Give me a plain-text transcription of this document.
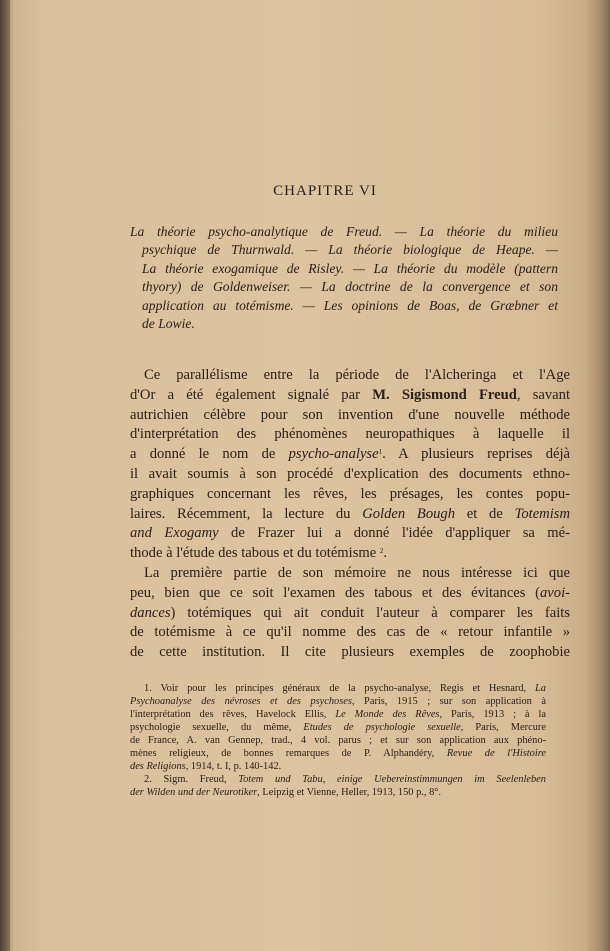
CHAPITRE VI
La théorie psycho-analytique de Freud. — La théorie du milieu
psychique de Thurnwald. — La théorie biologique de Heape. —
La théorie exogamique de Risley. — La théorie du modèle (pattern
thyory) de Goldenweiser. — La doctrine de la convergence et son
application au totémisme. — Les opinions de Boas, de Græbner et
de Lowie.
Ce parallélisme entre la période de l'Alcheringa et l'Age
d'Or a été également signalé par M. Sigismond Freud, savant
autrichien célèbre pour son invention d'une nouvelle méthode
d'interprétation des phénomènes neuropathiques à laquelle il
a donné le nom de psycho-analyse$^1$. A plusieurs reprises déjà
il avait soumis à son procédé d'explication des documents ethno-
graphiques concernant les rêves, les présages, les contes popu-
laires. Récemment, la lecture du Golden Bough et de Totemism
and Exogamy de Frazer lui a donné l'idée d'appliquer sa mé-
thode à l'étude des tabous et du totémisme $^2$.
La première partie de son mémoire ne nous intéresse ici que
peu, bien que ce soit l'examen des tabous et des évitances (avoi-
dances) totémiques qui ait conduit l'auteur à comparer les faits
de totémisme à ce qu'il nomme des cas de « retour infantile »
de cette institution. Il cite plusieurs exemples de zoophobie
1. Voir pour les principes généraux de la psycho-analyse, Regis et Hesnard, La
Psychoanalyse des névroses et des psychoses, Paris, 1915 ; sur son application à
l'interprétation des rêves, Havelock Ellis, Le Monde des Rêves, Paris, 1913 ; à la
psychologie sexuelle, du même, Etudes de psychologie sexuelle, Paris, Mercure
de France, A. van Gennep, trad., 4 vol. parus ; et sur son application aux phéno-
mènes religieux, de bonnes remarques de P. Alphandéry, Revue de l'Histoire
des Religions, 1914, t. I, p. 140-142.
2. Sigm. Freud, Totem und Tabu, einige Uebereinstimmungen im Seelenleben
der Wilden und der Neurotiker, Leipzig et Vienne, Heller, 1913, 150 p., 8°.
